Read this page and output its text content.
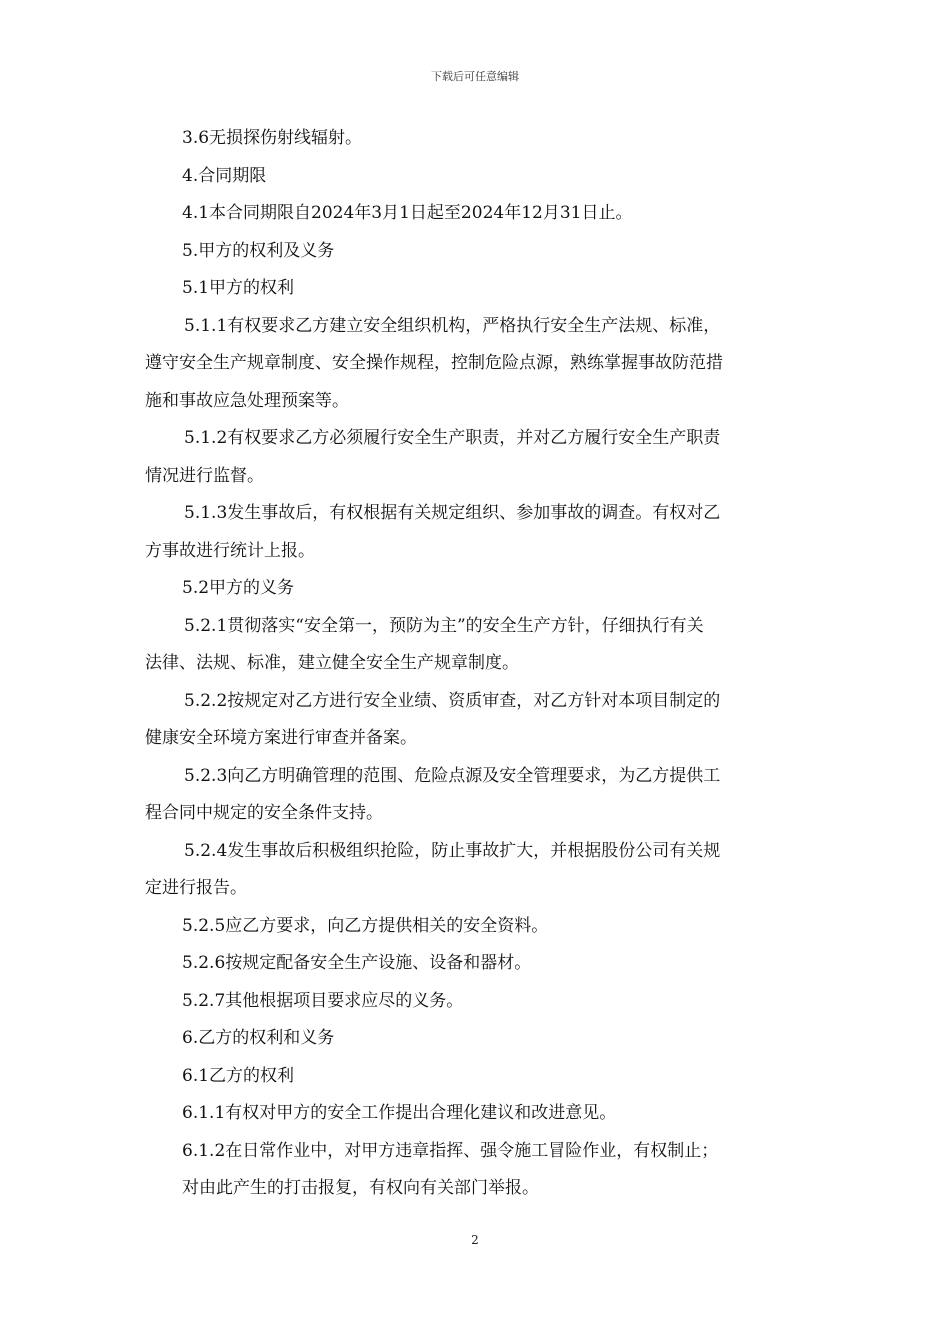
下载后可任意编辑
3.6无损探伤射线辐射。
4.合同期限
4.1本合同期限自2024年3月1日起至2024年12月31日止。
5.甲方的权利及义务
5.1甲方的权利
5.1.1有权要求乙方建立安全组织机构，严格执行安全生产法规、标准，
遵守安全生产规章制度、安全操作规程，控制危险点源，熟练掌握事故防范措
施和事故应急处理预案等。
5.1.2有权要求乙方必须履行安全生产职责，并对乙方履行安全生产职责
情况进行监督。
5.1.3发生事故后，有权根据有关规定组织、参加事故的调查。有权对乙
方事故进行统计上报。
5.2甲方的义务
5.2.1贯彻落实“安全第一，预防为主”的安全生产方针，仔细执行有关
法律、法规、标准，建立健全安全生产规章制度。
5.2.2按规定对乙方进行安全业绩、资质审查，对乙方针对本项目制定的
健康安全环境方案进行审查并备案。
5.2.3向乙方明确管理的范围、危险点源及安全管理要求，为乙方提供工
程合同中规定的安全条件支持。
5.2.4发生事故后积极组织抢险，防止事故扩大，并根据股份公司有关规
定进行报告。
5.2.5应乙方要求，向乙方提供相关的安全资料。
5.2.6按规定配备安全生产设施、设备和器材。
5.2.7其他根据项目要求应尽的义务。
6.乙方的权利和义务
6.1乙方的权利
6.1.1有权对甲方的安全工作提出合理化建议和改进意见。
6.1.2在日常作业中，对甲方违章指挥、强令施工冒险作业，有权制止；
对由此产生的打击报复，有权向有关部门举报。
2
